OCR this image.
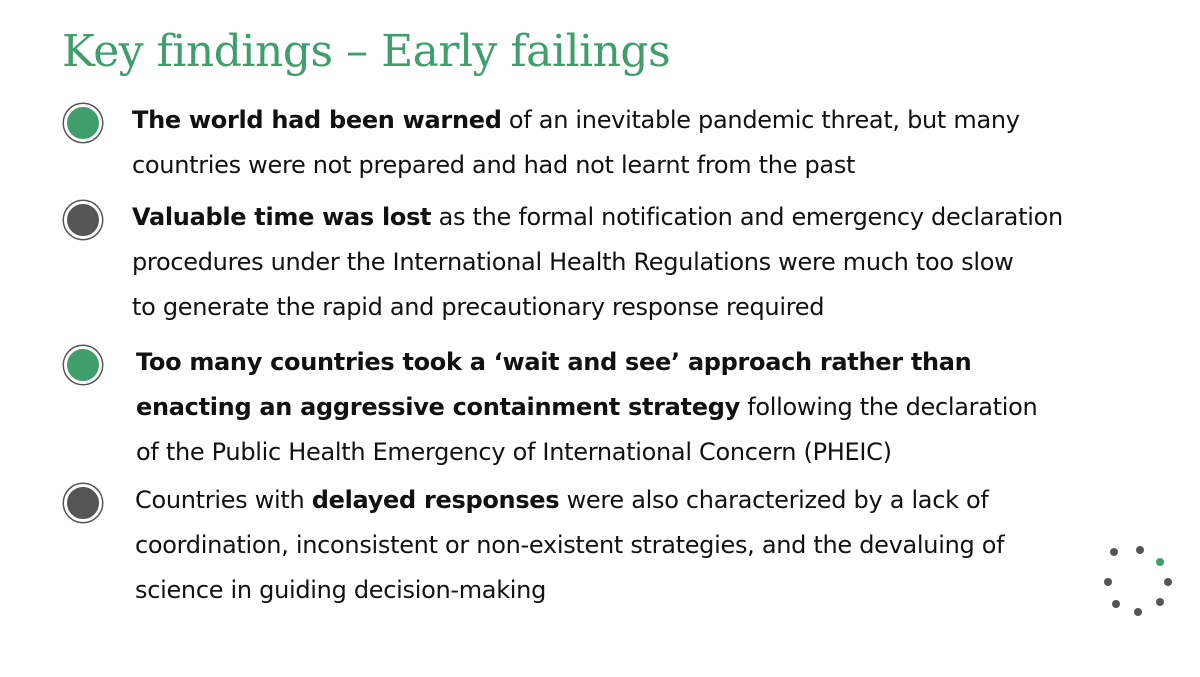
Key findings – Early failings
The world had been warned of an inevitable pandemic threat, but many
countries were not prepared and had not learnt from the past
Valuable time was lost as the formal notification and emergency declaration
procedures under the International Health Regulations were much too slow
to generate the rapid and precautionary response required
Too many countries took a ‘wait and see’ approach rather than
enacting an aggressive containment strategy following the declaration
of the Public Health Emergency of International Concern (PHEIC)
Countries with delayed responses were also characterized by a lack of
coordination, inconsistent or non-existent strategies, and the devaluing of
science in guiding decision-making
